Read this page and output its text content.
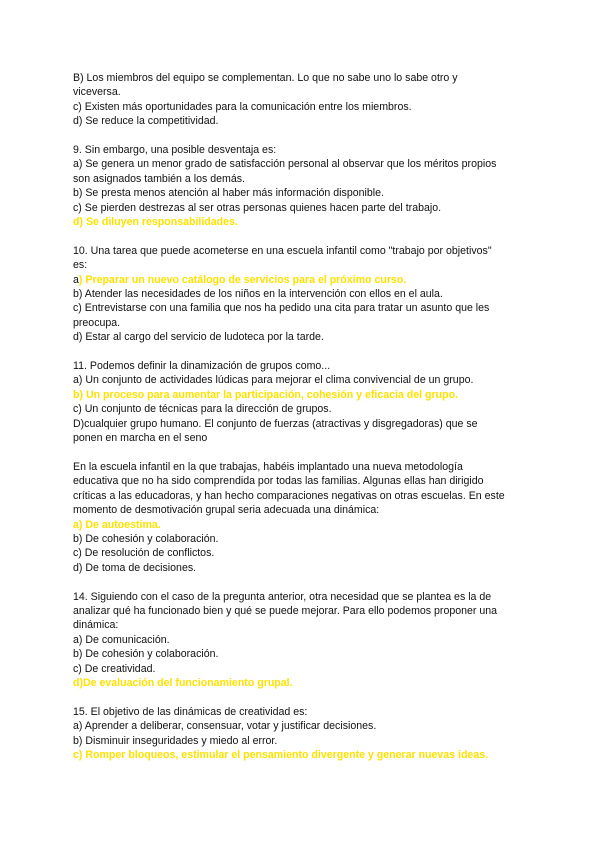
B) Los miembros del equipo se complementan. Lo que no sabe uno lo sabe otro y
viceversa.
c) Existen más oportunidades para la comunicación entre los miembros.
d) Se reduce la competitividad.
9. Sin embargo, una posible desventaja es:
a) Se genera un menor grado de satisfacción personal al observar que los méritos propios
son asignados también a los demás.
b) Se presta menos atención al haber más información disponible.
c) Se pierden destrezas al ser otras personas quienes hacen parte del trabajo.
d) Se diluyen responsabilidades.
10. Una tarea que puede acometerse en una escuela infantil como "trabajo por objetivos"
es:
a) Preparar un nuevo catálogo de servicios para el próximo curso.
b) Atender las necesidades de los niños en la intervención con ellos en el aula.
c) Entrevistarse con una familia que nos ha pedido una cita para tratar un asunto que les
preocupa.
d) Estar al cargo del servicio de ludoteca por la tarde.
11. Podemos definir la dinamización de grupos como...
a) Un conjunto de actividades lúdicas para mejorar el clima convivencial de un grupo.
b) Un proceso para aumentar la participación, cohesión y eficacia del grupo.
c) Un conjunto de técnicas para la dirección de grupos.
D)cualquier grupo humano. El conjunto de fuerzas (atractivas y disgregadoras) que se
ponen en marcha en el seno
En la escuela infantil en la que trabajas, habéis implantado una nueva metodología
educativa que no ha sido comprendida por todas las familias. Algunas ellas han dirigido
críticas a las educadoras, y han hecho comparaciones negativas on otras escuelas. En este
momento de desmotivación grupal seria adecuada una dinámica:
a) De autoestima.
b) De cohesión y colaboración.
c) De resolución de conflictos.
d) De toma de decisiones.
14. Siguiendo con el caso de la pregunta anterior, otra necesidad que se plantea es la de
analizar qué ha funcionado bien y qué se puede mejorar. Para ello podemos proponer una
dinámica:
a) De comunicación.
b) De cohesión y colaboración.
c) De creatividad.
d)De evaluación del funcionamiento grupal.
15. El objetivo de las dinámicas de creatividad es:
a) Aprender a deliberar, consensuar, votar y justificar decisiones.
b) Disminuir inseguridades y miedo al error.
c) Romper bloqueos, estimular el pensamiento divergente y generar nuevas ideas.
